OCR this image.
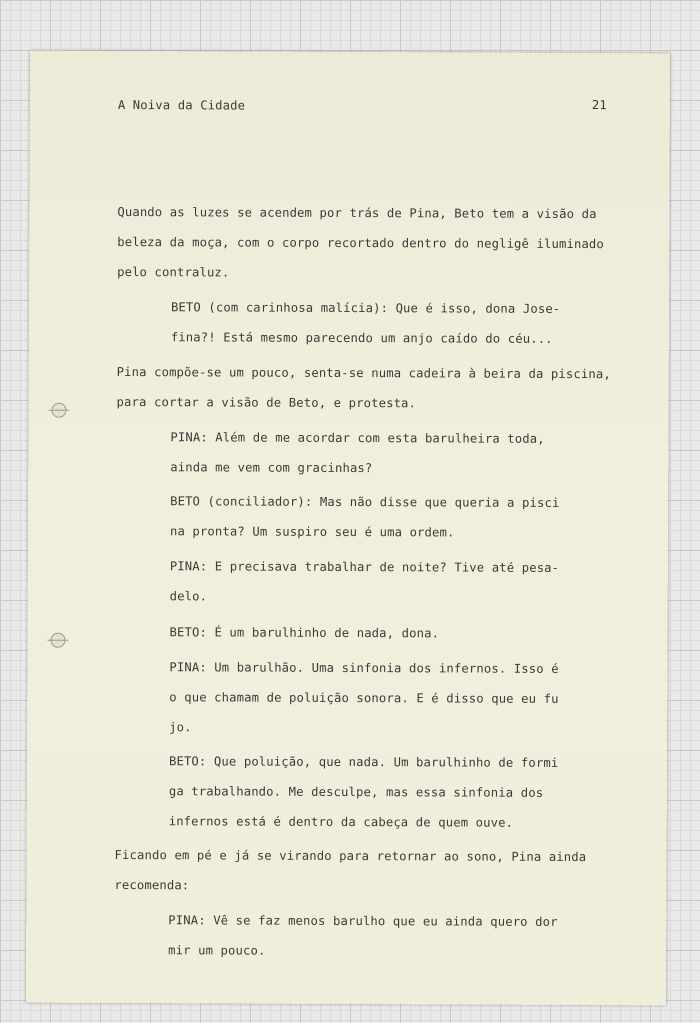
A Noiva da Cidade	21

Quando as luzes se acendem por trás de Pina, Beto tem a visão da

beleza da moça, com o corpo recortado dentro do negligê iluminado

pelo contraluz.

BETO (com carinhosa malícia): Que é isso, dona Jose-

fina?! Está mesmo parecendo um anjo caído do céu...

Pina compõe-se um pouco, senta-se numa cadeira à beira da piscina,

para cortar a visão de Beto, e protesta.

PINA: Além de me acordar com esta barulheira toda,

ainda me vem com gracinhas?

BETO (conciliador): Mas não disse que queria a pisci

na pronta? Um suspiro seu é uma ordem.

PINA: E precisava trabalhar de noite? Tive até pesa-

delo.

BETO: É um barulhinho de nada, dona.

PINA: Um barulhão. Uma sinfonia dos infernos. Isso é

o que chamam de poluição sonora. E é disso que eu fu

jo.

BETO: Que poluição, que nada. Um barulhinho de formi

ga trabalhando. Me desculpe, mas essa sinfonia dos

infernos está é dentro da cabeça de quem ouve.

Ficando em pé e já se virando para retornar ao sono, Pina ainda

recomenda:

PINA: Vê se faz menos barulho que eu ainda quero dor

mir um pouco.
